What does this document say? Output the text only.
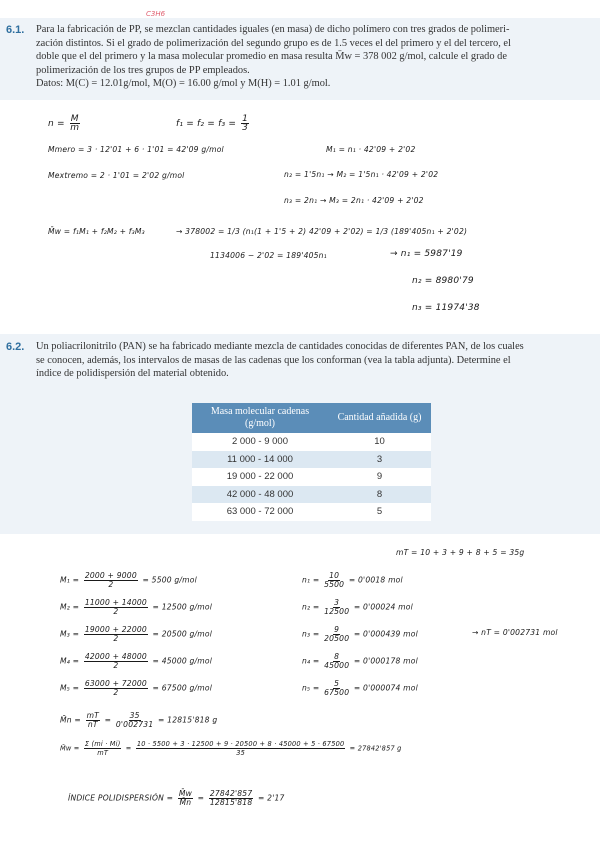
6.1.
C3H6
Para la fabricación de PP, se mezclan cantidades iguales (en masa) de dicho polímero con tres grados de polimeri-
zación distintos. Si el grado de polimerización del segundo grupo es de 1.5 veces el del primero y el del tercero, el
doble que el del primero y la masa molecular promedio en masa resulta M̄w = 378 002 g/mol, calcule el grado de
polimerización de los tres grupos de PP empleados.
Datos: M(C) = 12.01g/mol, M(O) = 16.00 g/mol y M(H) = 1.01 g/mol.
$n = \frac{M}{m}$	$f_1 = f_2 = f_3 = \frac{1}{3}$
Mmero = 3 · 12'01 + 6 · 1'01 = 42'09 g/mol	M₁ = n₁ · 42'09 + 2'02
Mextremo = 2 · 1'01 = 2'02 g/mol	n₂ = 1'5n₁ → M₂ = 1'5n₁ · 42'09 + 2'02
n₃ = 2n₁ → M₃ = 2n₁ · 42'09 + 2'02
M̄w = f₁M₁ + f₂M₂ + f₃M₃	→ 378002 = 1/3 (n₁(1 + 1'5 + 2) 42'09 + 2'02) = 1/3 (189'405n₁ + 2'02)
1134006 − 2'02 = 189'405n₁	→ n₁ = 5987'19
n₂ = 8980'79
n₃ = 11974'38
6.2. Un poliacrilonitrilo (PAN) se ha fabricado mediante mezcla de cantidades conocidas de diferentes PAN, de los cuales
se conocen, además, los intervalos de masas de las cadenas que los conforman (vea la tabla adjunta). Determine el
índice de polidispersión del material obtenido.
Masa molecular cadenas (g/mol)	Cantidad añadida (g)
2 000 - 9 000	10
11 000 - 14 000	3
19 000 - 22 000	9
42 000 - 48 000	8
63 000 - 72 000	5
mT = 10 + 3 + 9 + 8 + 5 = 35g
$M_1 = \frac{2000 + 9000}{2} = 5500$ g/mol
$M_2 = \frac{11000 + 14000}{2} = 12500$ g/mol
$M_3 = \frac{19000 + 22000}{2} = 20500$ g/mol
$M_4 = \frac{42000 + 48000}{2} = 45000$ g/mol
$M_5 = \frac{63000 + 72000}{2} = 67500$ g/mol
$n_1 = \frac{10}{5500} = 0'0018$ mol
$n_2 = \frac{3}{12500} = 0'00024$ mol
$n_3 = \frac{9}{20500} = 0'000439$ mol
$n_4 = \frac{8}{45000} = 0'000178$ mol
$n_5 = \frac{5}{67500} = 0'000074$ mol
→ nT = 0'002731 mol
M̄n = $\frac{mT}{nT} = \frac{35}{0'002731} = 12815'818$ g
M̄w = $\frac{\Sigma (mi \cdot Mi)}{mT} = \frac{10 \cdot 5500 + 3 \cdot 12500 + 9 \cdot 20500 + 8 \cdot 45000 + 5 \cdot 67500}{35} = 27842'857$ g
ÍNDICE POLIDISPERSIÓN = $\frac{M̄w}{M̄n} = \frac{27842'857}{12815'818} = 2'17$
